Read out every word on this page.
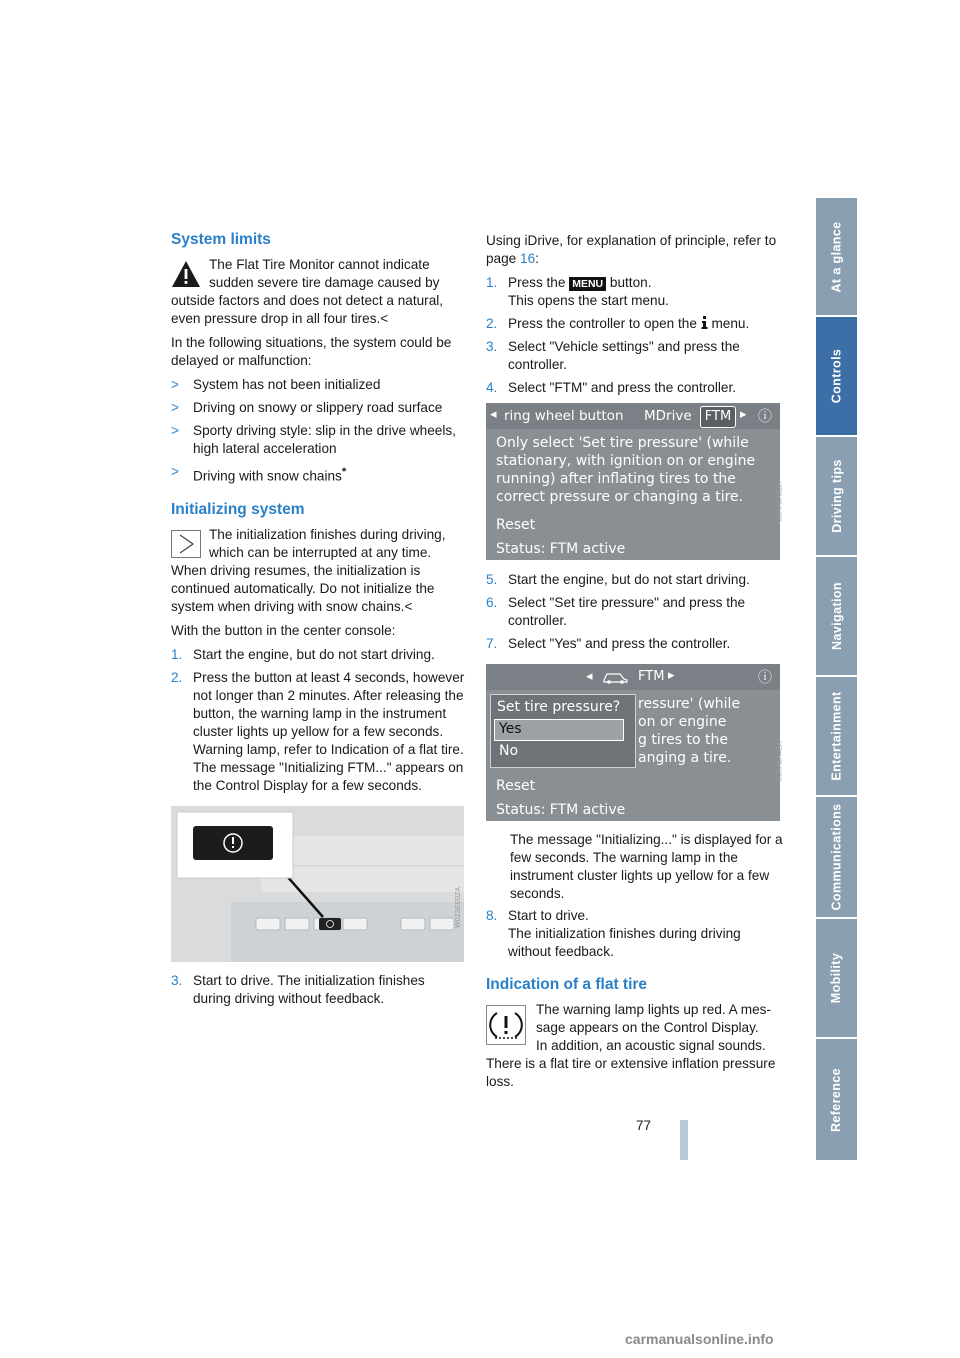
System limits
The Flat Tire Monitor cannot indicate
sudden severe tire damage caused by
outside factors and does not detect a natural, even pressure drop in all four tires.<

In the following situations, the system could be delayed or malfunction:

>	System has not been initialized
>	Driving on snowy or slippery road surface
>	Sporty driving style: slip in the drive wheels, high lateral acceleration
>	Driving with snow chains*
Initializing system
The initialization finishes during driving,
which can be interrupted at any time.
When driving resumes, the initialization is continued automatically. Do not initialize the system when driving with snow chains.<

With the button in the center console:

1. Start the engine, but do not start driving.
2. Press the button at least 4 seconds, however not longer than 2 minutes. After releasing the button, the warning lamp in the instrument cluster lights up yellow for a few seconds. Warning lamp, refer to Indication of a flat tire. The message "Initializing FTM..." appears on the Control Display for a few seconds.
W0Z3EE0ZA
3. Start to drive. The initialization finishes during driving without feedback.

Using iDrive, for explanation of principle, refer to page 16:

1. Press the MENU button.
This opens the start menu.
2. Press the controller to open the menu.
3. Select "Vehicle settings" and press the controller.
4. Select "FTM" and press the controller.
◂ ring wheel button MDrive	FTM ▸ ⓘ
Only select 'Set tire pressure' (while
stationary, with ignition on or engine
running) after inflating tires to the
correct pressure or changing a tire.
Reset
Status: FTM active
S0RA3A8EA
5. Start the engine, but do not start driving.
6. Select "Set tire pressure" and press the controller.
7. Select "Yes" and press the controller.
◂	FTM ▸	ⓘ
ressure' (while
on or engine
g tires to the
anging a tire.
Set tire pressure?
Yes
No
Reset
Status: FTM active
S0RA5A4EA

The message "Initializing..." is displayed for a few seconds. The warning lamp in the instrument cluster lights up yellow for a few seconds.

8. Start to drive.
The initialization finishes during driving without feedback.
Indication of a flat tire
The warning lamp lights up red. A mes-
sage appears on the Control Display.
In addition, an acoustic signal sounds.
There is a flat tire or extensive inflation pressure loss.
At a glance
Controls
Driving tips
Navigation
Entertainment
Communications
Mobility
Reference
77
carmanualsonline.info
